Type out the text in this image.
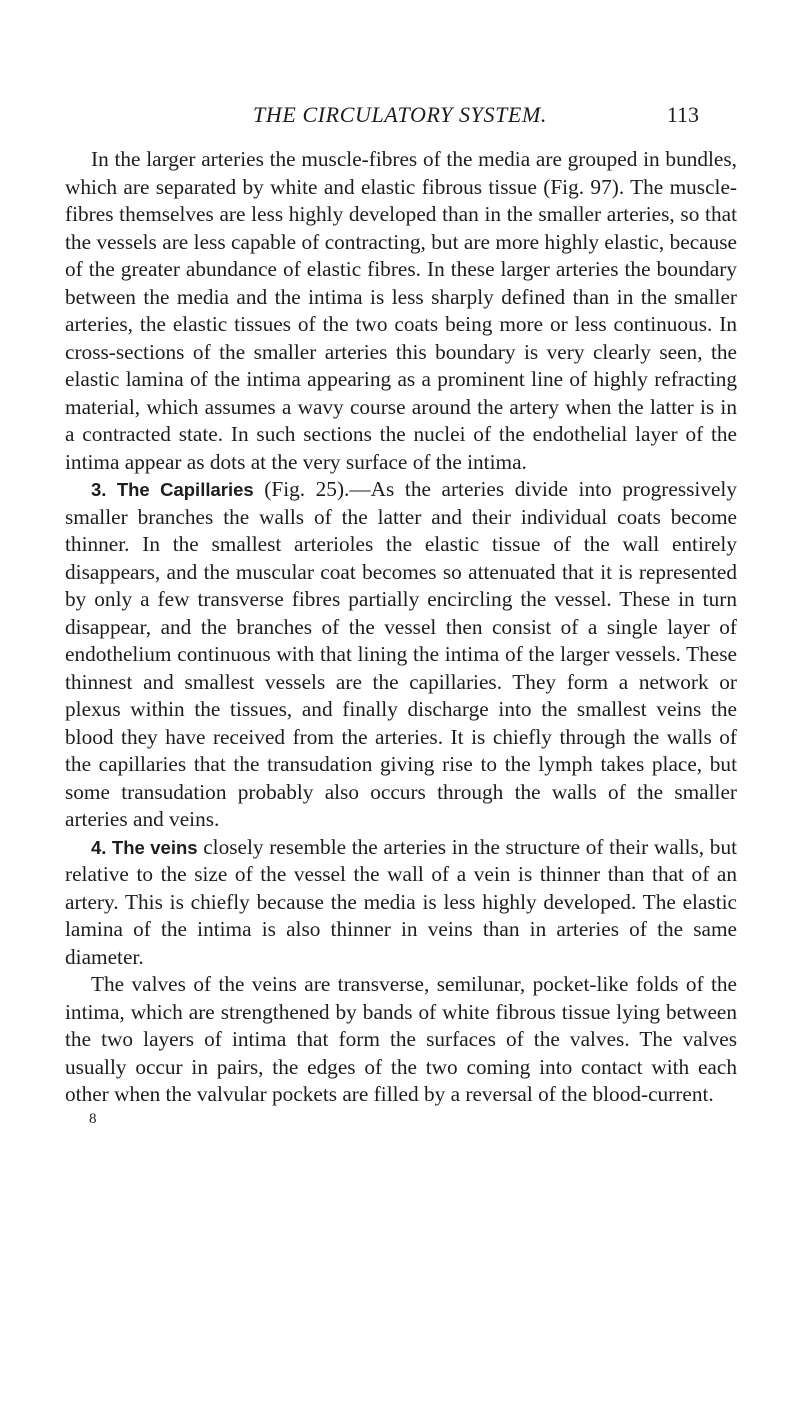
THE CIRCULATORY SYSTEM.	113

In the larger arteries the muscle-fibres of the media are grouped in bundles, which are separated by white and elastic fibrous tissue (Fig. 97). The muscle-fibres themselves are less highly developed than in the smaller arteries, so that the vessels are less capable of contracting, but are more highly elastic, because of the greater abundance of elastic fibres. In these larger arteries the boundary between the media and the intima is less sharply defined than in the smaller arteries, the elastic tissues of the two coats being more or less continuous. In cross-sections of the smaller arteries this boundary is very clearly seen, the elastic lamina of the intima appearing as a prominent line of highly refracting material, which assumes a wavy course around the artery when the latter is in a contracted state. In such sections the nuclei of the endothelial layer of the intima appear as dots at the very surface of the intima.

3. The Capillaries (Fig. 25).—As the arteries divide into progressively smaller branches the walls of the latter and their individual coats become thinner. In the smallest arterioles the elastic tissue of the wall entirely disappears, and the muscular coat becomes so attenuated that it is represented by only a few transverse fibres partially encircling the vessel. These in turn disappear, and the branches of the vessel then consist of a single layer of endothelium continuous with that lining the intima of the larger vessels. These thinnest and smallest vessels are the capillaries. They form a network or plexus within the tissues, and finally discharge into the smallest veins the blood they have received from the arteries. It is chiefly through the walls of the capillaries that the transudation giving rise to the lymph takes place, but some transudation probably also occurs through the walls of the smaller arteries and veins.

4. The veins closely resemble the arteries in the structure of their walls, but relative to the size of the vessel the wall of a vein is thinner than that of an artery. This is chiefly because the media is less highly developed. The elastic lamina of the intima is also thinner in veins than in arteries of the same diameter.

The valves of the veins are transverse, semilunar, pocket-like folds of the intima, which are strengthened by bands of white fibrous tissue lying between the two layers of intima that form the surfaces of the valves. The valves usually occur in pairs, the edges of the two coming into contact with each other when the valvular pockets are filled by a reversal of the blood-current.

8
